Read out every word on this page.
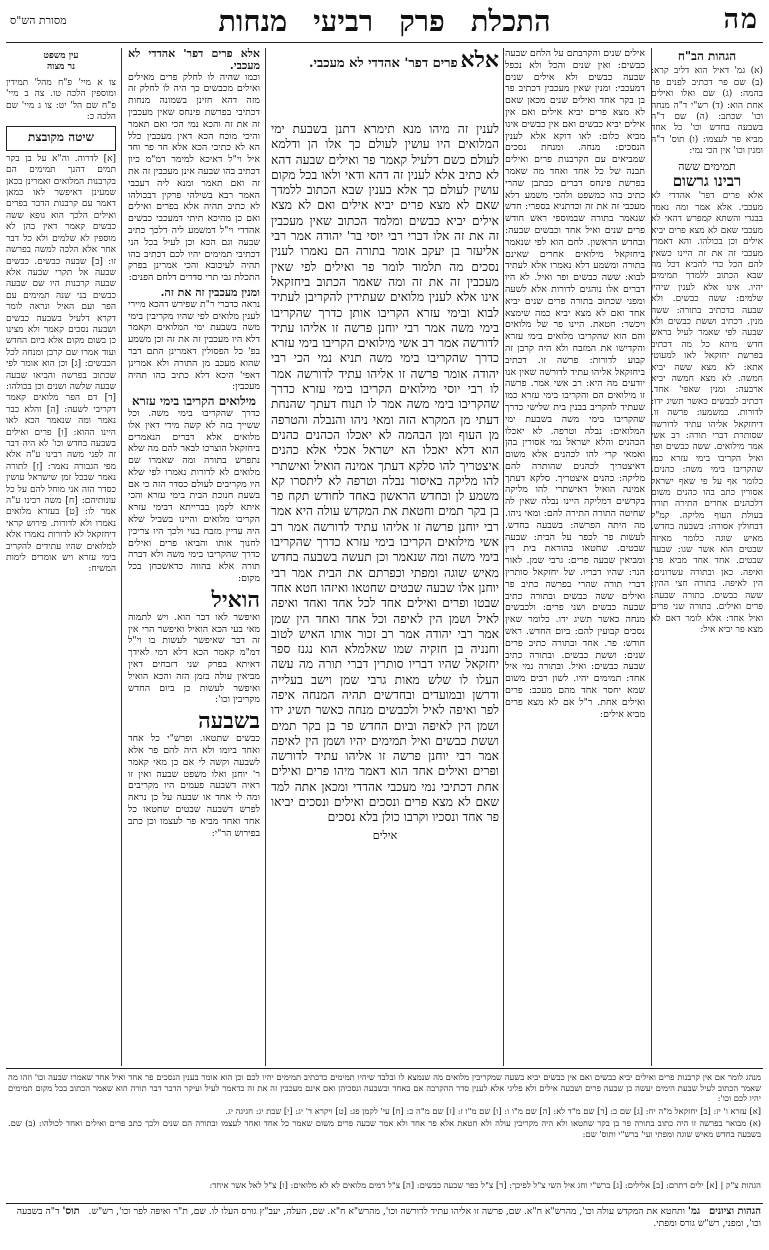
מה
התכלת פרק רביעי מנחות
מסורת הש"ס
הגהות הב"ח

(א) גמ' דאיל הוא דליב קרא: (ב) שם פר דכתיב לפנים פר בהמה: (ג) שם ואלו ואילים אחת הוא: (ד) רש"י ד"ה מנחה וכו' שכתב: (ה) שם ד"ה בשבעה בחדש וכו' כל אחד מביא פר לעצמו: (ו) תוס' ד"ה ומנין וכו' אין הכי נמי:

תמימים ששה
רבינו גרשום

אלא פרים דפר' אהדדי לא מעכבי. אלא אמר ומה נאמר בבגדי והשתא קמפרש דהאי לא מעכבי שאם לא מצא פרים יביא אילים וכן בכולהו. והא דאמרי מעכבי זה את זה היינו כשאין להם הכל כדי להביא דכל מה שבא הכתוב ללמדך תמימים יהיו. אינו אלא לענין שיהיו שלמים: ששה כבשים. ולא שבעה כדכתיב בתורה: ששה מנין. דכתיב וששת כבשים ולא שבעה לפי שאמר לעיל בראש חדש מיהא כל מה דכתיב בפרשת יחזקאל לאו למעוטי אתא: לא מצא ששה יביא חמשה. לא מצא חמשה יביא ארבעה: ומנין שאפי' אחד. דכתיב לכבשים כאשר תשיג ידו: לדורות. כמשמעו: פרשה זו. דיחזקאל אליהו עתיד לדורשה שסותרת דברי תורה: רב אשי אמר מילואים. ששה כבשים ופר ואיל הקריבו בימי עזרא כמו שהקריבו בימי משה: כהנים. כלומר אף על פי שאף ישראל אסורין כתב בהו כהנים משום דלכהנים אחרים התירה תורה בעולת העוף מליקה. קמ"ל דבחולין אסורה: בשבעה בחדש. מאיש שוגה כלומר מאיזה שבטים הוא אשר שגו: שבעה שבטים. אחד אחד מביא פר: ואיפה. כאן ובתורה עשרונים: הין לאיפה. בתורה חצי ההין: ששה כבשים. בתורה שבעה: פרים ואילים. בתורה שני פרים ואיל אחד: אלא לומר דאם לא מצא פר יביא איל:

אילים שנים והקרבתם על הלחם שבעה כבשים: ואין שנים והכל ולא נכפל שבעה כבשים ולא אילים שנים דמעכבי: ומנין שאין מעכבין דכתיב פר בן בקר אחד ואילים שנים מכאן שאם לא מצא פרים יביא אילים ואם אין אילים יביא כבשים ואם אין כבשים אינו מביא כלום: לאו דוקא אלא לענין הנסכים: מנחה. ומנחת נסכים שמביאים עם הקרבנות פרים ואילים תבנה של כל אחד ואחד מה שאמר בפרשת פינחס דברים ככתבן שהרי כתיב בהו כמשפט ולהכי משמע דלא מעכבי זה את זה וכדתניא בספרי: חדש שנאמר בתורה שבמוספי ראש חודש פרים שנים ואיל אחד וכבשים שבעה: ובחדש הראשון. לחם הוא לפי שנאמר ביחזקאל מילואים אחרים שאינם בתורה ומשמע דלא נאמרו אלא לעתיד לבוא: ששה כבשים ופר ואיל. לא היו דברים אלו נוהגים לדורות אלא לשעה ומפני שכתוב בתורה פרים שנים יביא אחד ואם לא מצא יביא כמה שימצא ויכשר: חטאת. היינו פר של מלואים והם הוא שהקריבו מלואים בימי עזרא והקדישו את המזבח ולא היה קרבן זה קבוע לדורות: פרשה זו. דכתיב ביחזקאל אליהו עתיד לדורשה שאין אנו יודעים מה היא: רב אשי אמר. פרשה זו מילואים הם והקריבו בימי עזרא כמו שעתיד להקריב בבנין בית שלישי כדרך שהקריבו בימי משה בשבעת ימי המלואים: נבלה וטרפה. לא יאכלו הכהנים והלא ישראל נמי אסורין בהן ואמאי קרי להו לכהנים אלא משום דאיצטריך לכהנים שהותרה להם מליקה: כהנים איצטריך. סלקא דעתך אמינה הואיל דאישתרי להו מליקה בקדשים דמליקה היינו נבלה שאין לה שחיטה התורה התירה להם: ומאי ניהו. מה היתה הפרשה: בשבעה בחדש. לעשות פר לכפר על הבית: שבעה שבטים. שחטאו בהוראת בית דין ומביאין שבעה פרים: גרבי שמן. לאור הנר: שהיו דבריו. של יחזקאל סותרין דברי תורה שהרי בפרשה כתיב פר ואילים ששה כבשים ובתורה כתיב שבעה כבשים ושני פרים: ולכבשים מנחה כאשר תשיג ידו. כלומר שאין נסכים קבועין להם: ביום החדש. ראש חודש: פר. אחד ובתורה כתיב פרים שנים: וששת כבשים. ובתורה כתיב שבעה כבשים: ואיל. ובתורה נמי איל אחד: תמימים יהיו. לשון רבים משום שמא יחסר אחד מהם מעכב: פרים ואילים אחת. ר"ל אם לא מצא פרים מביא אילים:

לענין זה מיהו מנא תימרא דתנן בשבעת ימי המלואים היו עושין לעולם כך אלו הן ודלמא לעולם כשם דלעיל קאמר פר ואילים שבעה דהא לא כתיב אלא לענין זה דהא ודאי ולאו בכל מקום עושין לעולם כך אלא בענין שבא הכתוב ללמדך שאם לא מצא פרים יביא אילים ואם לא מצא אילים יביא כבשים ומלמד הכתוב שאין מעכבין זה את זה אלו דברי רבי יוסי בר' יהודה אמר רבי אליעזר בן יעקב אומר בתורה הם נאמרו לענין נסכים מה תלמוד לומר פר ואילים לפי שאין מעכבין זה את זה ומה שאמר הכתוב ביחזקאל אינו אלא לענין מלואים שעתידין להקריבן לעתיד לבוא ובימי עזרא הקריבו אותן כדרך שהקריבו בימי משה אמר רבי יוחנן פרשה זו אליהו עתיד לדורשה אמר רב אשי מילואים הקריבו בימי עזרא כדרך שהקריבו בימי משה תניא נמי הכי רבי יהודה אומר פרשה זו אליהו עתיד לדורשה אמר לו רבי יוסי מילואים הקריבו בימי עזרא כדרך שהקריבו בימי משה אמר לו תנוח דעתך שהנחת דעתי מן המקרא הזה ומאי ניהו והנבלה והטרפה מן העוף ומן הבהמה לא יאכלו הכהנים כהנים הוא דלא יאכלו הא ישראל אכלי אלא כהנים איצטריך להו סלקא דעתך אמינה הואיל ואישתרי להו מליקה באיסור נבלה וטרפה לא ליתסרו קא משמע לן ובחדש הראשון באחד לחודש תקח פר בן בקר תמים וחטאת את המקדש עולה היא אמר רבי יוחנן פרשה זו אליהו עתיד לדורשה אמר רב אשי מילואים הקריבו בימי עזרא כדרך שהקריבו בימי משה ומה שנאמר וכן תעשה בשבעה בחדש מאיש שוגה ומפתי וכפרתם את הבית אמר רבי יוחנן אלו שבעה שבטים שחטאו ואיזהו חטא אחד שבטו ופרים ואילים אחד לכל אחד ואחד ואיפה לאיל ושמן הין לאיפה וכל אחד ואחד הין שמן אמר רבי יהודה אמר רב זכור אותו האיש לטוב וחנניה בן חזקיה שמו שאלמלא הוא נגנז ספר יחזקאל שהיו דבריו סותרין דברי תורה מה עשה העלו לו שלש מאות גרבי שמן וישב בעלייה ודרשן ובמועדים ובחדשים תהיה המנחה איפה לפר ואיפה לאיל ולכבשים מנחה כאשר תשיג ידו ושמן הין לאיפה וביום החדש פר בן בקר תמים וששת כבשים ואיל תמימים יהיו ושמן הין לאיפה אמר רבי יוחנן פרשה זו אליהו עתיד לדורשה ופרים ואילים אחד הוא דאמר מיהו פרים ואילים אחת דכתיבי נמי מעכבי אהדדי ומכאן אתה למד שאם לא מצא פרים ונסכים ואילים ונסכים יביאו פר אחד ונסכיו וקרבו כולן בלא נסכים

אילים
אלא פרים דפר' אהדדי לא מעכבי.
אלא פרים דפר' אהדדי לא מעכבי.

וכמו שהיה לו לחלק פרים מאילים ואילים מכבשים כך היה לו לחלק זה מזה דהא חזינן בשמונה מנחות דכתיבי בפרשת פינחס שאין מעכבין זה את זה והכא נמי הכי ואם תאמר והיכי מוכח הכא דאין מעכבין כלל הא לא כתיבי הכא אלא חד פר וחד איל וי"ל דאיכא למימר דמ"מ כיון דכתיב בהו שבעה אינן מעכבין זה את זה ואם תאמר ומנא ליה דעכבי האמר רבא בשילהי פרקין דבכולהו לא כתיב תהיה אלא בפרים ואילים ואם כן מהיכא תיתי דמעכבי כבשים אהדדי וי"ל דמשמע ליה דלכך כתיב שבעה וגם הכא וכן לעיל בכל הני דכתיבי תמימים יהיו לכם דכתיב בהו תהיה לעיכובא והכי אמרינן בפרק התכלת גבי תרי סדרים דלחם הפנים:

ומנין מעכבין זה את זה.

נראה כדברי ר"ת שפירש דהכא מיירי לענין מלואים לפי שהיו מקריבין בימי משה בשבעת ימי המלואים וקאמר דלא היו מעכבין זה את זה וכן משמע בפ' כל הפסולין דאמרינן התם דבר שהוא מעכב מן התורה ולא אמרינן דאפי' היכא דלא כתיב בהו תהיה מעכבין:

מילואים הקריבו בימי עזרא

כדרך שהקריבו בימי משה. וכל ששייך בזה לא קשה מידי דאין אלו מלואים אלא דברים הנאמרים ביחזקאל הוצרכו לבאר להם מה שלא נתפרש בתורה ומה שאמרו שם מלואים לא לדורות נאמרו לפי שלא היו מקריבים לעולם כסדר הזה כי אם בשעת חנוכת הבית בימי עזרא והכי איתא לקמן בברייתא דבימי עזרא הקריבו מלואים והיינו בשביל שלא היה עדיין מזבח בנוי ולכך היו צריכין לחנוך אותו והביאו פרים ואילים כדרך שהקריבו בימי משה ולא דברה תורה אלא בהווה כדאשכחן בכל מקום:

הואיל

ואיפשר לאו דבר הוא. ויש לתמוה מאי בעי הכא הואיל ואיפשר הרי אין זה דבר שאיפשר לעשות בו וי"ל דמ"מ קאמר הכא דלא דמי לאידך דאיתא בפרק שני דזבחים דאין מביאין עולה בזמן הזה והכא הואיל ואיפשר לעשות כן ביום החדש מקריבין וכו':

בשבעה

כבשים שתטאו. ופרש"י כל אחד ואחד ביומו ולא היה להם פר אלא לשבעה וקשה לי אם כן מאי קאמר ר' יוחנן ואלו משפט שבעה ואין זו ראיה דשבעה פעמים היו מקריבים ומה לי אחד או שבעה על כן נראה לפרש דשבעה שבטים שחטאו כל אחד ואחד מביא פר לעצמו וכן כתב בפירוש הר"י:

עין משפט
נר מצוה

צו א מיי' פ"ח מהל' תמידין ומוספין הלכה טו. צה ב מיי' פ"ח שם הל' יט: צו ג מיי' שם הלכה כ:

שיטה מקובצת

[א] לדרוה. וה"א על בן בקר תמים דהנך תמימים הם בקרבנות המלואים ואמרינן בכאן שמעינן דאיפשר לאו כמאן דאמר עם קרבנות הדבר בפרים ואילים הלכך הוא גופא ששה כבשים קאמר דאין בהן לא מוספין לא שלמים ולא כל דבר אחר אלא הלכה למשה בפרשה זו: [ב] שבעה כבשים. כבשים שבעה אל תקרי שבעה אלא שבעה קרבנות היו שם שבעה כבשים בני שנה תמימים עם הפר ועם האיל ונראה לומר דקרא דלעיל בשבעה כבשים ושבעה נסכים קאמר ולא מצינו כן בשום מקום אלא ביום החדש ועוד אמרו שם קרבן ומנחה לכל הכבשים: [ג] וכן הוא אומר לפי שכתוב בפרשה והביאו שבעה שבעה שלשה ושנים וכן בכולהו: [ד] דם הפר מלואים קאמר דקריבי לשעה: [ה] והלא כבר נאמר ומה שנאמר הכא לאו היינו ההוא: [ו] פרים ואילים בשבעה בחדש וכו' לא היה דבר זה לפני משה רבינו ע"ה אלא מפי הגבורה נאמר: [ז] לתורה נאמר שבכל זמן שישראל עושין כסדר הזה אני מוחל להם על כל עונותיהם: [ח] משה רבינו ע"ה אמר לו: [ט] בעזרא מלואים נאמרו ולא לדורות. פירוש קראי דיחזקאל לא לדורות נאמרו אלא למלואים שהיו עתידים להקריב בימי עזרא ויש אומרים לימות המשיח:

מנהג לומר אם אין קרבנות פרים ואילים יביא כבשים ואם אין כבשים יביא בשעה שמקריבין מלואים מה שנמצא לו ובלבד שיהיו תמימים כדכתיב תמימים יהיו לכם וכן הוא אומר בענין הנסכים פר אחד ואיל אחד שאמרו שבעה וכו' וזהו מה שאמר הכתוב לעיל שבעת הימים יעשה כן שבעה פרים ושבעה אילים ולא פליגי אלא לענין סדר ההקרבה אם באחד ובשבעה ונסכיהן ואם אינם מעכבין זה את זה כדאמר לעיל ועיקר הדבר דבר תורה הוא שאמר הכתוב בכל מקום תמימים יהיו לכם וכו':

[א] עזרא ו' יז: [ב] יחזקאל מ"ה יח: [ג] שם כ: [ד] שם מ"ד לא: [ה] שם מ"ו ו: [ו] שם מ"ו ז: [ז] שם מ"ה כ: [ח] עי' לקמן פג: [ט] ויקרא ד' יג: [י] שבת יג: חגיגה יג.

(א) מבואר בפרשה זו היה כתוב בתורה פר בן בקר שחטאו ולא היה מקריבין עולה ולא חטאת אלא פר אחד ולא אמר שבעה פרים משום שאמר כל אחד ואחד לעצמו ובתורה הם שנים ולכך כתב פרים ואילים ואחד לכולהו: (ב) שם. בשבעה בחדש מאיש שוגה ומפתי ועי' ברש"י ותוס' שם:

הגהות צ"ק | [א] ילים דתרם: [ב] אלילים: [ג] ברש"י וחג איל השי צ"ל לפיכך: [ד] צ"ל כפר שבעה כבשים: [ה] צ"ל דמים מלואים לא לא מלואים: [ו] צ"ל לאל אשר איחד:
הגהות וציונים   גמ' ותחטא את המקדש עולה וכו', מהרש"א ח"א. שם, פרשה זו אליהו עתיד לדורשה וכו', מהרש"א ח"א. שם, העלה, יעב"ץ גורס העלו לו. שם, ת"ר ואיפה לפר וכו', רש"ש.   תוס' ד"ה בשבעה וכו', ומפני, רש"ש גורס ומפתי.
